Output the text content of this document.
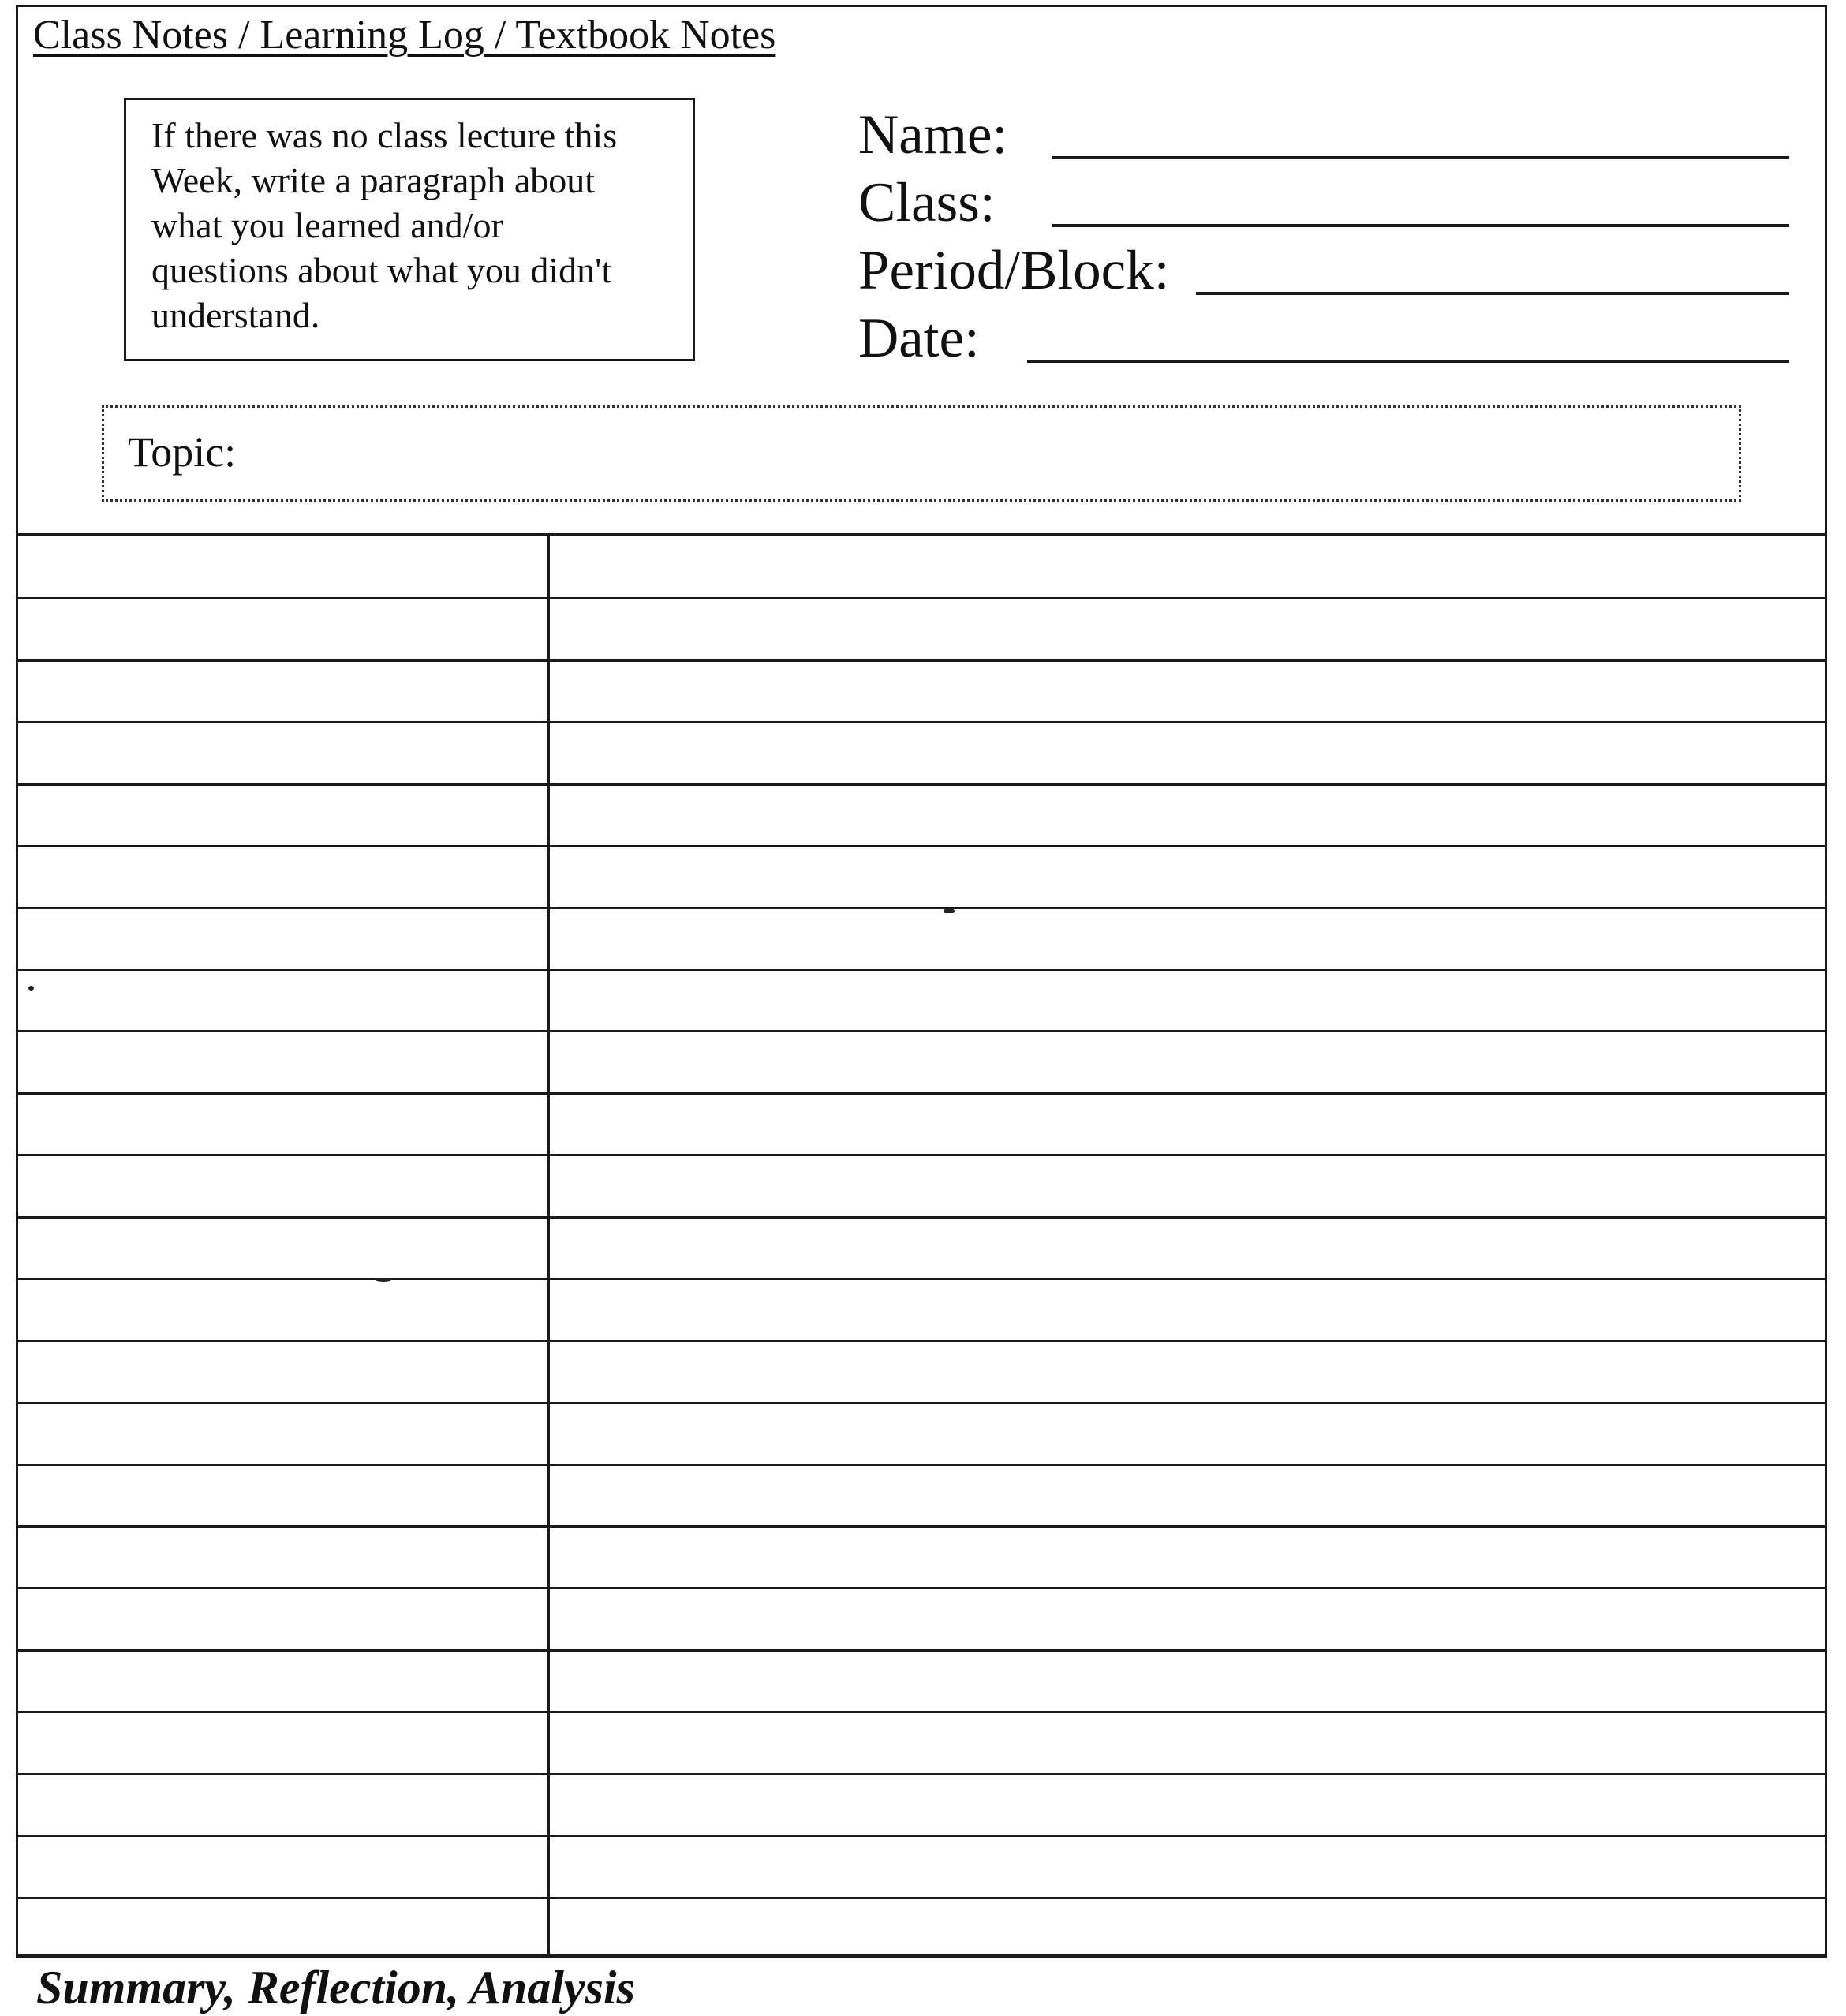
Class Notes / Learning Log / Textbook Notes
If there was no class lecture this
Week, write a paragraph about
what you learned and/or
questions about what you didn't
understand.
Name:
Class:
Period/Block:
Date:
Topic:
Summary, Reflection, Analysis
